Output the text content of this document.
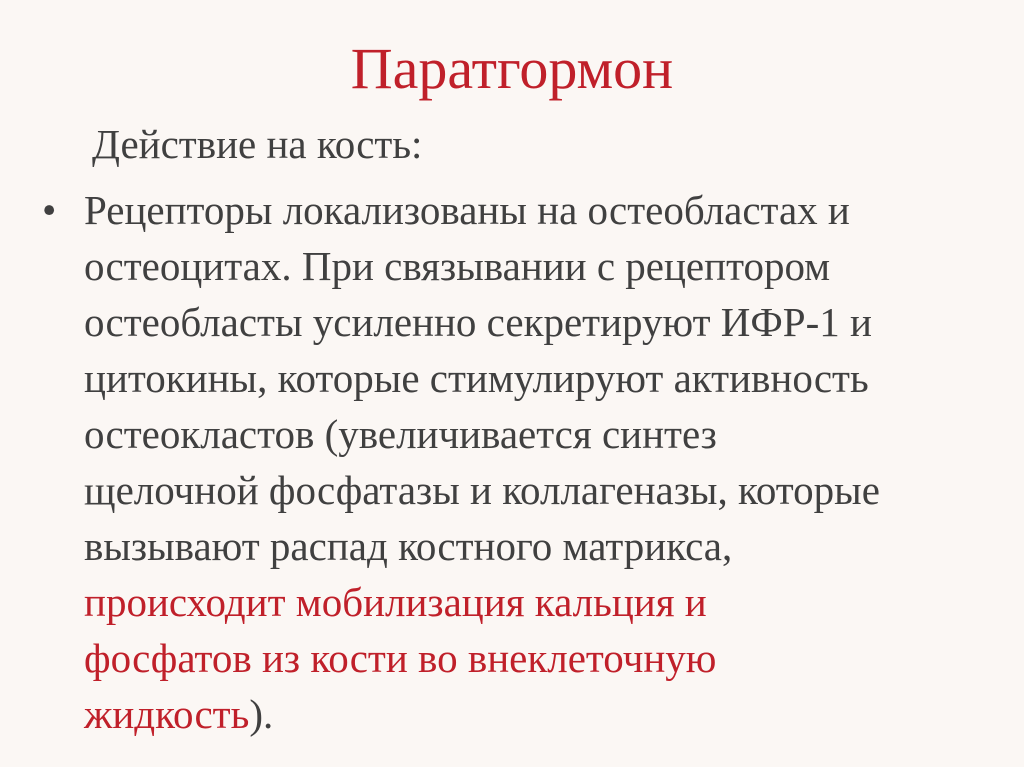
Паратгормон
Действие на кость:
• Рецепторы локализованы на остеобластах и
остеоцитах. При связывании с рецептором
остеобласты усиленно секретируют ИФР-1 и
цитокины, которые стимулируют активность
остеокластов (увеличивается синтез
щелочной фосфатазы и коллагеназы, которые
вызывают распад костного матрикса,
происходит мобилизация кальция и
фосфатов из кости во внеклеточную
жидкость).
